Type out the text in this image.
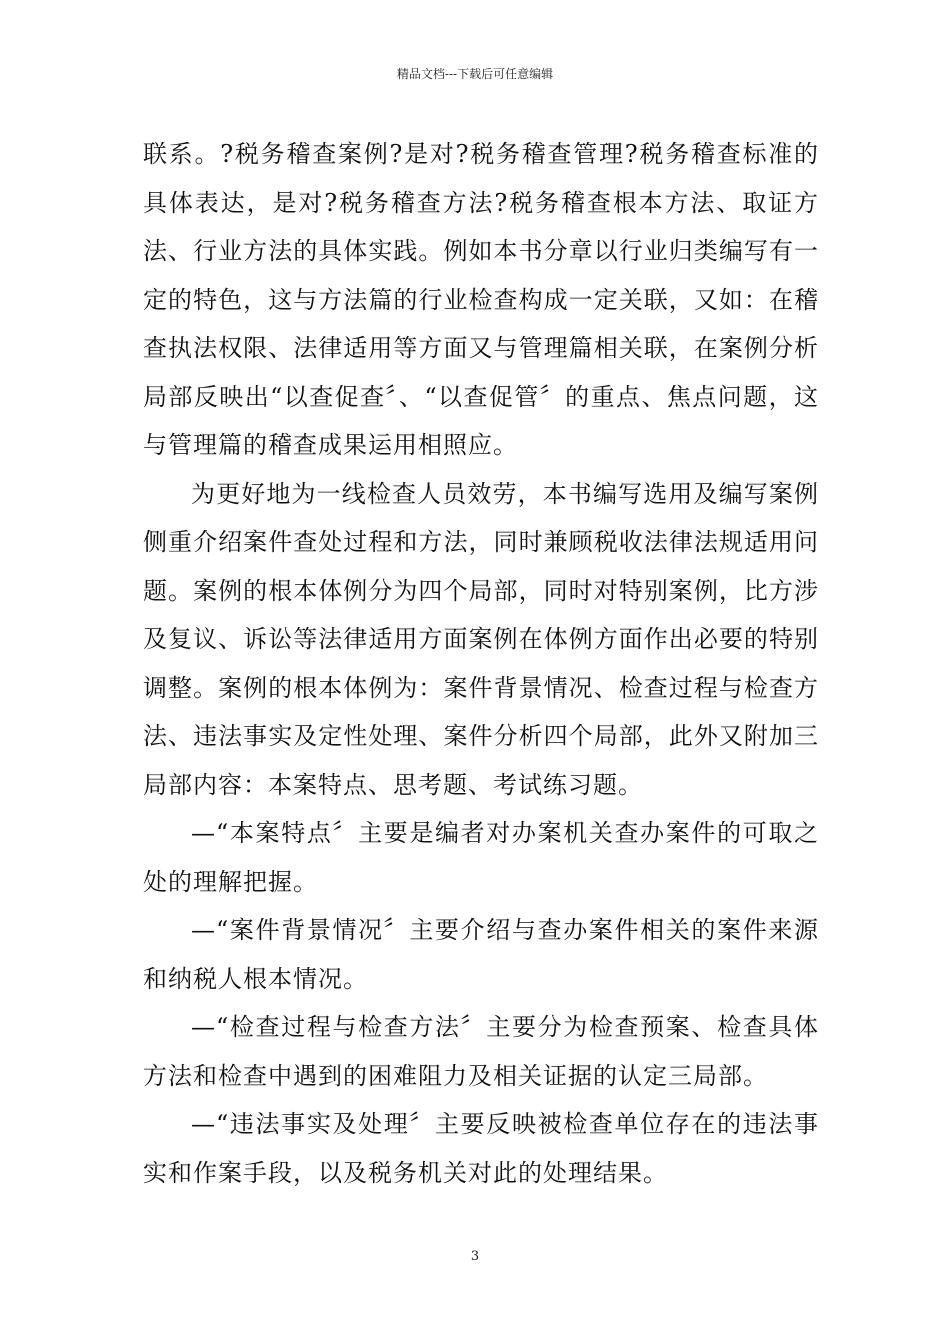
精品文档---下载后可任意编辑

联系。?税务稽查案例?是对?税务稽查管理?税务稽查标准的具体表达，是对?税务稽查方法?税务稽查根本方法、取证方法、行业方法的具体实践。例如本书分章以行业归类编写有一定的特色，这与方法篇的行业检查构成一定关联，又如：在稽查执法权限、法律适用等方面又与管理篇相关联，在案例分析局部反映出“以查促查〞、“以查促管〞的重点、焦点问题，这与管理篇的稽查成果运用相照应。

为更好地为一线检查人员效劳，本书编写选用及编写案例侧重介绍案件查处过程和方法，同时兼顾税收法律法规适用问题。案例的根本体例分为四个局部，同时对特别案例，比方涉及复议、诉讼等法律适用方面案例在体例方面作出必要的特别调整。案例的根本体例为：案件背景情况、检查过程与检查方法、违法事实及定性处理、案件分析四个局部，此外又附加三局部内容：本案特点、思考题、考试练习题。

—“本案特点〞主要是编者对办案机关查办案件的可取之处的理解把握。

—“案件背景情况〞主要介绍与查办案件相关的案件来源和纳税人根本情况。

—“检查过程与检查方法〞主要分为检查预案、检查具体方法和检查中遇到的困难阻力及相关证据的认定三局部。

—“违法事实及处理〞主要反映被检查单位存在的违法事实和作案手段，以及税务机关对此的处理结果。

3
